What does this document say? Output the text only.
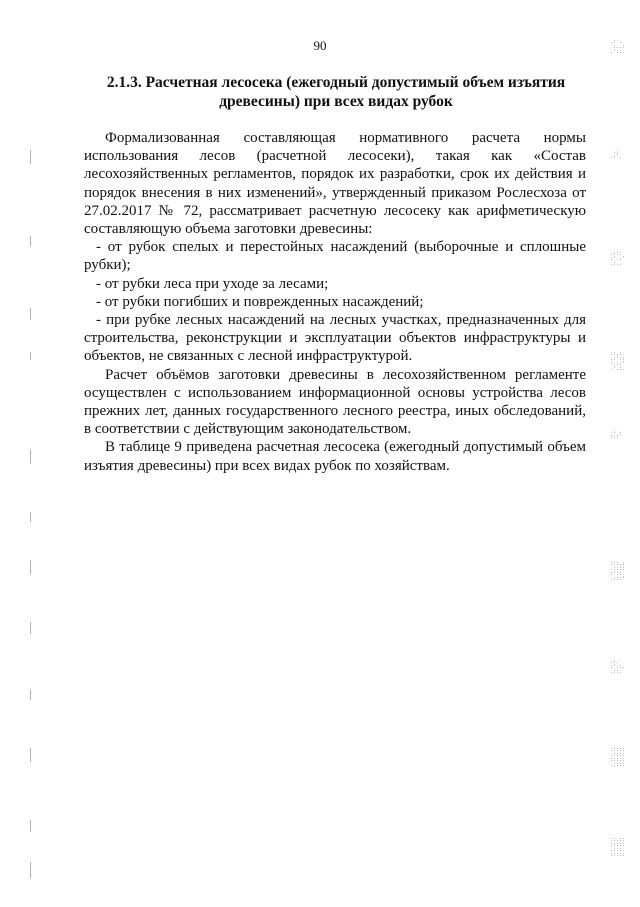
.:'.
:..:
.'::.
'.:
.:'.
.:::
:'.:'
.:..
::.:.
.:'::
:.::'
.'.:.
.:'.
:.:'
:::.:
.::::
:'::.
.:::'
.:.'
:'.:.
.::.
:::::
.::::
:::.:
.::::
::.::
:::::
.:::.
:::::
90
2.1.3. Расчетная лесосека (ежегодный допустимый объем изъятия
древесины) при всех видах рубок

Формализованная составляющая нормативного расчета нормы использования лесов (расчетной лесосеки), такая как «Состав лесохозяйственных регламентов, порядок их разработки, срок их действия и порядок внесения в них изменений», утвержденный приказом Рослесхоза от 27.02.2017 № 72, рассматривает расчетную лесосеку как арифметическую составляющую объема заготовки древесины:

- от рубок спелых и перестойных насаждений (выборочные и сплошные рубки);

- от рубки леса при уходе за лесами;

- от рубки погибших и поврежденных насаждений;

- при рубке лесных насаждений на лесных участках, предназначенных для строительства, реконструкции и эксплуатации объектов инфраструктуры и объектов, не связанных с лесной инфраструктурой.

Расчет объёмов заготовки древесины в лесохозяйственном регламенте осуществлен с использованием информационной основы устройства лесов прежних лет, данных государственного лесного реестра, иных обследований, в соответствии с действующим законодательством.

В таблице 9 приведена расчетная лесосека (ежегодный допустимый объем изъятия древесины) при всех видах рубок по хозяйствам.
